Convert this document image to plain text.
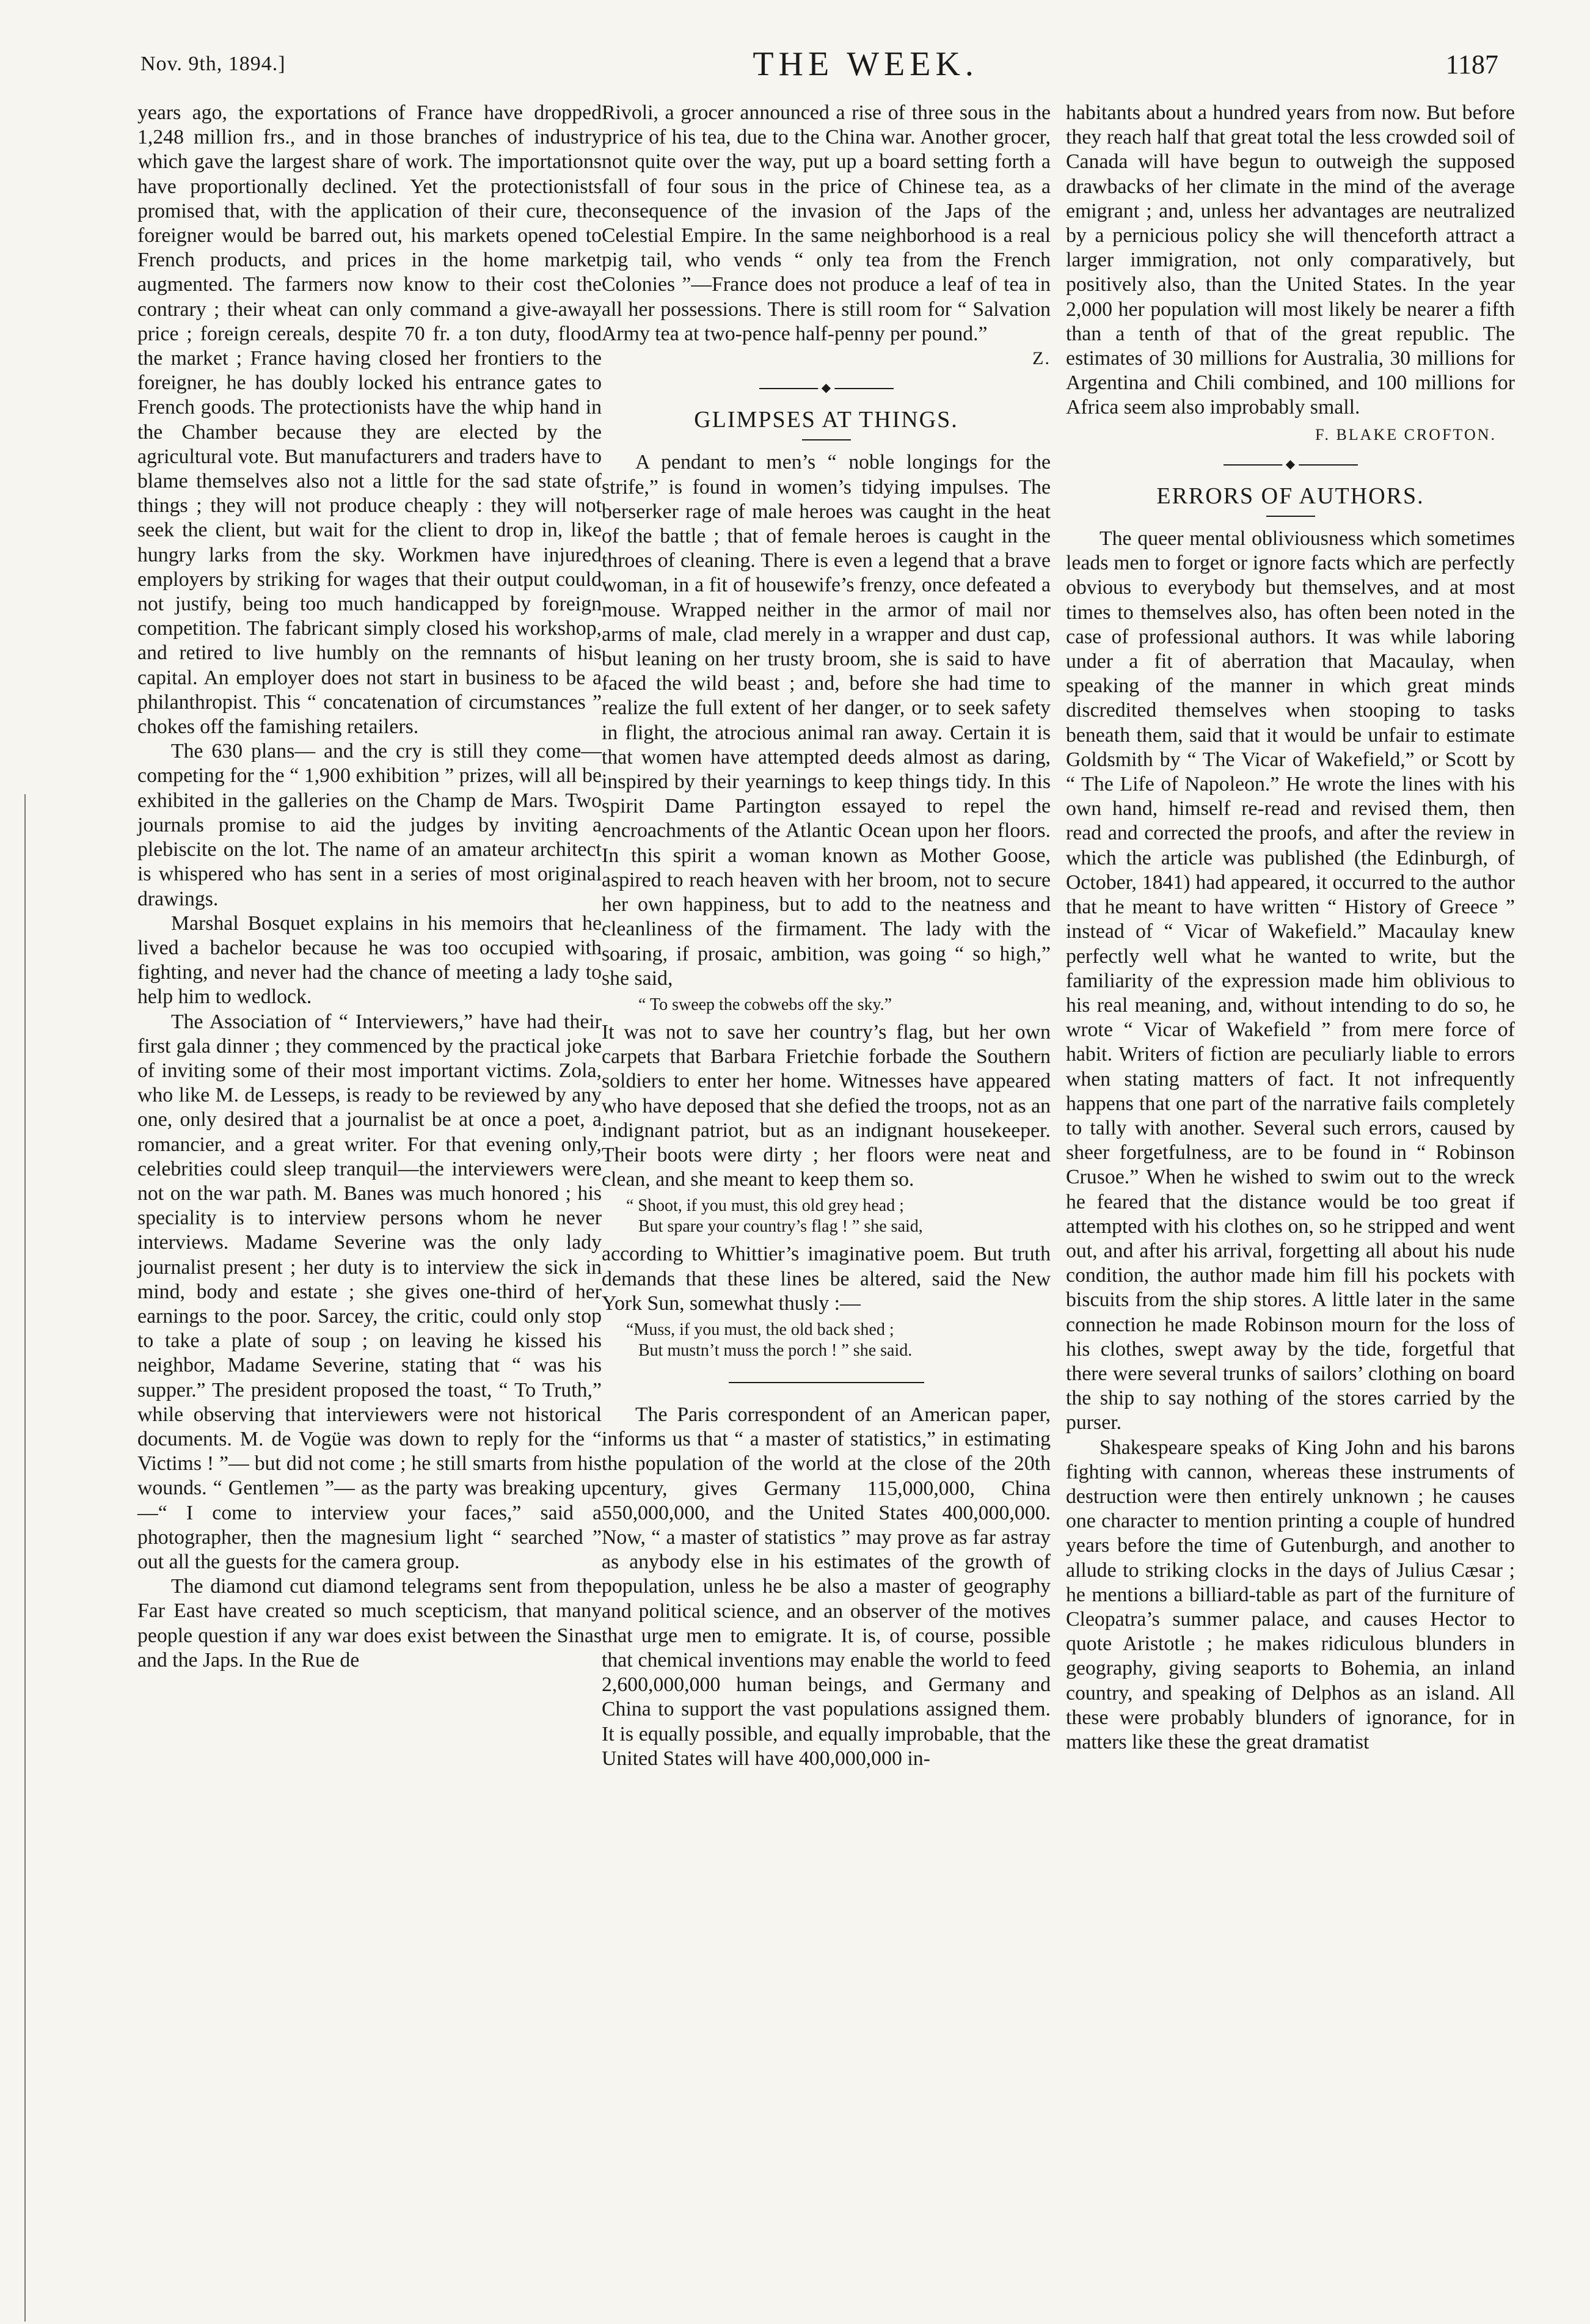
Nov. 9th, 1894.]	THE WEEK.	1187

years ago, the exportations of France have dropped 1,248 million frs., and in those branches of industry which gave the largest share of work. The importations have proportionally declined. Yet the protectionists promised that, with the application of their cure, the foreigner would be barred out, his markets opened to French products, and prices in the home market augmented. The farmers now know to their cost the contrary ; their wheat can only command a give-away price ; foreign cereals, despite 70 fr. a ton duty, flood the market ; France having closed her frontiers to the foreigner, he has doubly locked his entrance gates to French goods. The protectionists have the whip hand in the Chamber because they are elected by the agricultural vote. But manufacturers and traders have to blame themselves also not a little for the sad state of things ; they will not produce cheaply : they will not seek the client, but wait for the client to drop in, like hungry larks from the sky. Workmen have injured employers by striking for wages that their output could not justify, being too much handicapped by foreign competition. The fabricant simply closed his workshop, and retired to live humbly on the remnants of his capital. An employer does not start in business to be a philanthropist. This “ concatenation of circumstances ” chokes off the famishing retailers.

The 630 plans— and the cry is still they come—competing for the “ 1,900 exhibition ” prizes, will all be exhibited in the galleries on the Champ de Mars. Two journals promise to aid the judges by inviting a plebiscite on the lot. The name of an amateur architect is whispered who has sent in a series of most original drawings.

Marshal Bosquet explains in his memoirs that he lived a bachelor because he was too occupied with fighting, and never had the chance of meeting a lady to help him to wedlock.

The Association of “ Interviewers,” have had their first gala dinner ; they commenced by the practical joke of inviting some of their most important victims. Zola, who like M. de Lesseps, is ready to be reviewed by any one, only desired that a journalist be at once a poet, a romancier, and a great writer. For that evening only, celebrities could sleep tranquil—the interviewers were not on the war path. M. Banes was much honored ; his speciality is to interview persons whom he never interviews. Madame Severine was the only lady journalist present ; her duty is to interview the sick in mind, body and estate ; she gives one-third of her earnings to the poor. Sarcey, the critic, could only stop to take a plate of soup ; on leaving he kissed his neighbor, Madame Severine, stating that “ was his supper.” The president proposed the toast, “ To Truth,” while observing that interviewers were not historical documents. M. de Vogüe was down to reply for the “ Victims ! ”— but did not come ; he still smarts from his wounds. “ Gentlemen ”— as the party was breaking up—“ I come to interview your faces,” said a photographer, then the magnesium light “ searched ” out all the guests for the camera group.

The diamond cut diamond telegrams sent from the Far East have created so much scepticism, that many people question if any war does exist between the Sinas and the Japs. In the Rue de

Rivoli, a grocer announced a rise of three sous in the price of his tea, due to the China war. Another grocer, not quite over the way, put up a board setting forth a fall of four sous in the price of Chinese tea, as a consequence of the invasion of the Japs of the Celestial Empire. In the same neighborhood is a real pig tail, who vends “ only tea from the French Colonies ”—France does not produce a leaf of tea in all her possessions. There is still room for “ Salvation Army tea at two-pence half-penny per pound.”

Z.
◆
GLIMPSES AT THINGS.

A pendant to men’s “ noble longings for the strife,” is found in women’s tidying impulses. The berserker rage of male heroes was caught in the heat of the battle ; that of female heroes is caught in the throes of cleaning. There is even a legend that a brave woman, in a fit of housewife’s frenzy, once defeated a mouse. Wrapped neither in the armor of mail nor arms of male, clad merely in a wrapper and dust cap, but leaning on her trusty broom, she is said to have faced the wild beast ; and, before she had time to realize the full extent of her danger, or to seek safety in flight, the atrocious animal ran away. Certain it is that women have attempted deeds almost as daring, inspired by their yearnings to keep things tidy. In this spirit Dame Partington essayed to repel the encroachments of the Atlantic Ocean upon her floors. In this spirit a woman known as Mother Goose, aspired to reach heaven with her broom, not to secure her own happiness, but to add to the neatness and cleanliness of the firmament. The lady with the soaring, if prosaic, ambition, was going “ so high,” she said,

“ To sweep the cobwebs off the sky.”

It was not to save her country’s flag, but her own carpets that Barbara Frietchie forbade the Southern soldiers to enter her home. Witnesses have appeared who have deposed that she defied the troops, not as an indignant patriot, but as an indignant housekeeper. Their boots were dirty ; her floors were neat and clean, and she meant to keep them so.

“ Shoot, if you must, this old grey head ;
But spare your country’s flag ! ” she said,

according to Whittier’s imaginative poem. But truth demands that these lines be altered, said the New York Sun, somewhat thusly :—

“Muss, if you must, the old back shed ;
But mustn’t muss the porch ! ” she said.

The Paris correspondent of an American paper, informs us that “ a master of statistics,” in estimating the population of the world at the close of the 20th century, gives Germany 115,000,000, China 550,000,000, and the United States 400,000,000. Now, “ a master of statistics ” may prove as far astray as anybody else in his estimates of the growth of population, unless he be also a master of geography and political science, and an observer of the motives that urge men to emigrate. It is, of course, possible that chemical inventions may enable the world to feed 2,600,000,000 human beings, and Germany and China to support the vast populations assigned them. It is equally possible, and equally improbable, that the United States will have 400,000,000 in-

habitants about a hundred years from now. But before they reach half that great total the less crowded soil of Canada will have begun to outweigh the supposed drawbacks of her climate in the mind of the average emigrant ; and, unless her advantages are neutralized by a pernicious policy she will thenceforth attract a larger immigration, not only comparatively, but positively also, than the United States. In the year 2,000 her population will most likely be nearer a fifth than a tenth of that of the great republic. The estimates of 30 millions for Australia, 30 millions for Argentina and Chili combined, and 100 millions for Africa seem also improbably small.

F. BLAKE CROFTON.
◆
ERRORS OF AUTHORS.

The queer mental obliviousness which sometimes leads men to forget or ignore facts which are perfectly obvious to everybody but themselves, and at most times to themselves also, has often been noted in the case of professional authors. It was while laboring under a fit of aberration that Macaulay, when speaking of the manner in which great minds discredited themselves when stooping to tasks beneath them, said that it would be unfair to estimate Goldsmith by “ The Vicar of Wakefield,” or Scott by “ The Life of Napoleon.” He wrote the lines with his own hand, himself re-read and revised them, then read and corrected the proofs, and after the review in which the article was published (the Edinburgh, of October, 1841) had appeared, it occurred to the author that he meant to have written “ History of Greece ” instead of “ Vicar of Wakefield.” Macaulay knew perfectly well what he wanted to write, but the familiarity of the expression made him oblivious to his real meaning, and, without intending to do so, he wrote “ Vicar of Wakefield ” from mere force of habit. Writers of fiction are peculiarly liable to errors when stating matters of fact. It not infrequently happens that one part of the narrative fails completely to tally with another. Several such errors, caused by sheer forgetfulness, are to be found in “ Robinson Crusoe.” When he wished to swim out to the wreck he feared that the distance would be too great if attempted with his clothes on, so he stripped and went out, and after his arrival, forgetting all about his nude condition, the author made him fill his pockets with biscuits from the ship stores. A little later in the same connection he made Robinson mourn for the loss of his clothes, swept away by the tide, forgetful that there were several trunks of sailors’ clothing on board the ship to say nothing of the stores carried by the purser.

Shakespeare speaks of King John and his barons fighting with cannon, whereas these instruments of destruction were then entirely unknown ; he causes one character to mention printing a couple of hundred years before the time of Gutenburgh, and another to allude to striking clocks in the days of Julius Cæsar ; he mentions a billiard-table as part of the furniture of Cleopatra’s summer palace, and causes Hector to quote Aristotle ; he makes ridiculous blunders in geography, giving seaports to Bohemia, an inland country, and speaking of Delphos as an island. All these were probably blunders of ignorance, for in matters like these the great dramatist
